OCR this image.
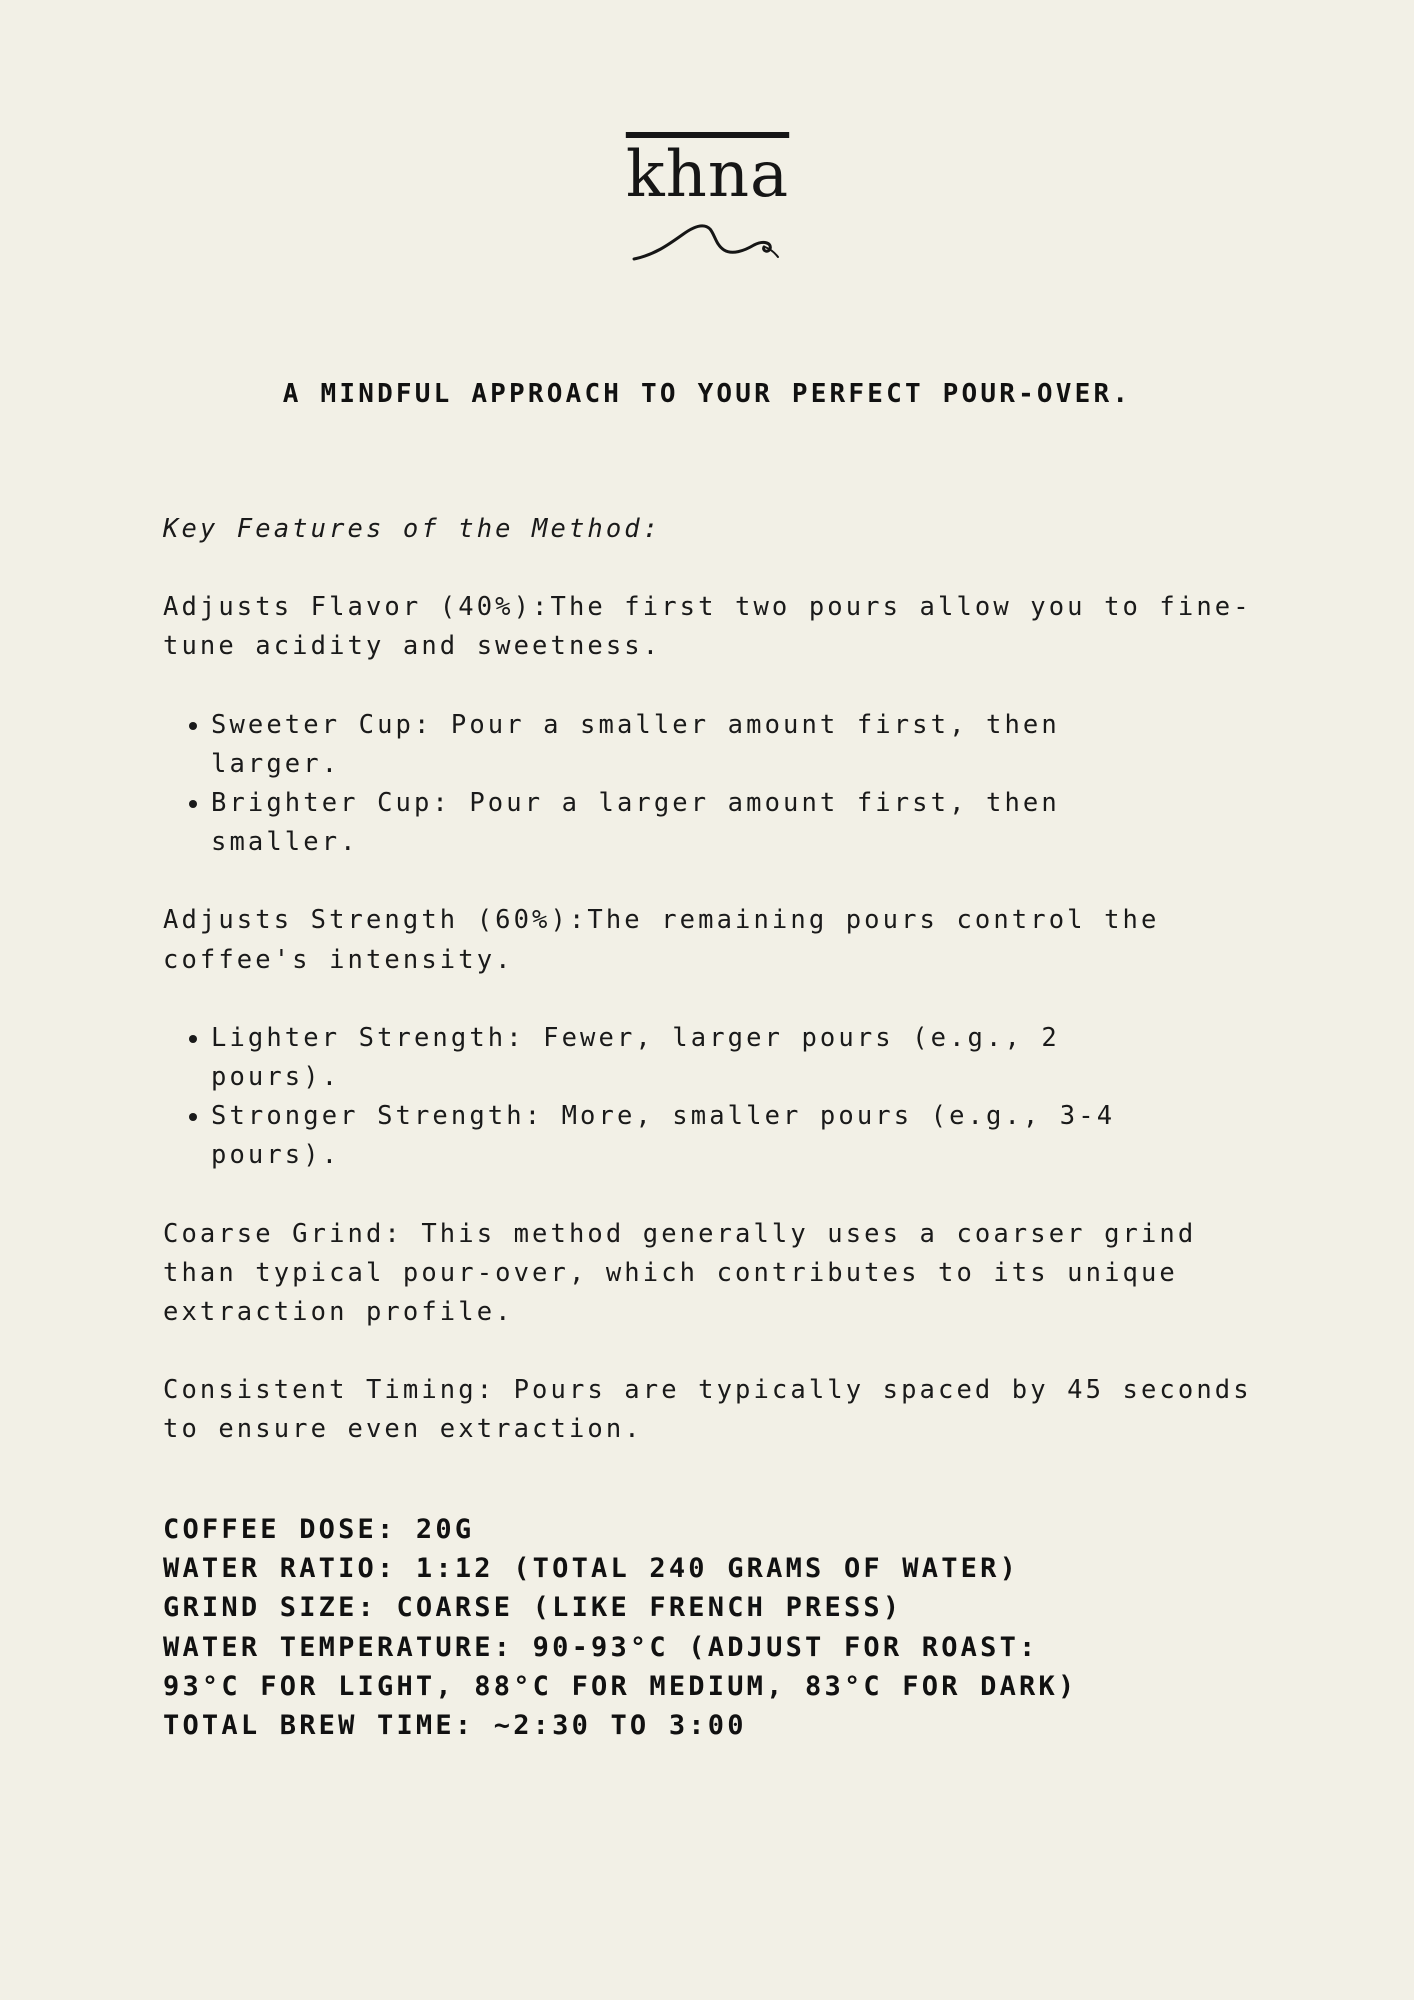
khna
A MINDFUL APPROACH TO YOUR PERFECT POUR-OVER.

Key Features of the Method:

Adjusts Flavor (40%):The first two pours allow you to fine-tune acidity and sweetness.

• Sweeter Cup: Pour a smaller amount first, then larger.
• Brighter Cup: Pour a larger amount first, then smaller.

Adjusts Strength (60%):The remaining pours control the coffee's intensity.

• Lighter Strength: Fewer, larger pours (e.g., 2 pours).
• Stronger Strength: More, smaller pours (e.g., 3-4 pours).

Coarse Grind: This method generally uses a coarser grind than typical pour-over, which contributes to its unique extraction profile.

Consistent Timing: Pours are typically spaced by 45 seconds to ensure even extraction.

COFFEE DOSE: 20G
WATER RATIO: 1:12 (TOTAL 240 GRAMS OF WATER)
GRIND SIZE: COARSE (LIKE FRENCH PRESS)
WATER TEMPERATURE: 90-93°C (ADJUST FOR ROAST:
93°C FOR LIGHT, 88°C FOR MEDIUM, 83°C FOR DARK)
TOTAL BREW TIME: ~2:30 TO 3:00
